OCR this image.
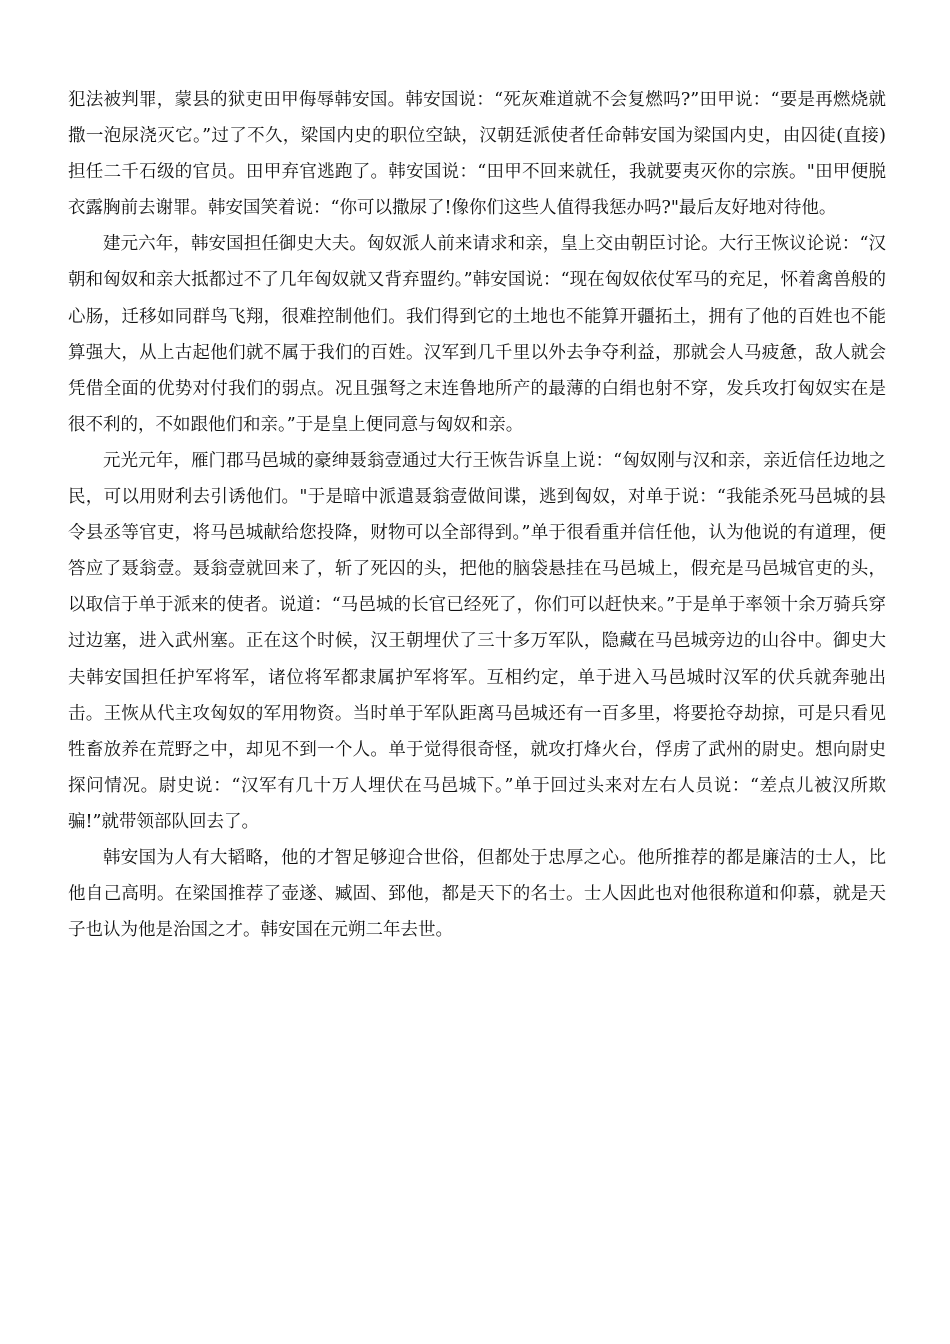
犯法被判罪，蒙县的狱吏田甲侮辱韩安国。韩安国说：“死灰难道就不会复燃吗?”田甲说：“要是再燃烧就撒一泡尿浇灭它。”过了不久，梁国内史的职位空缺，汉朝廷派使者任命韩安国为梁国内史，由囚徒(直接)担任二千石级的官员。田甲弃官逃跑了。韩安国说：“田甲不回来就任，我就要夷灭你的宗族。"田甲便脱衣露胸前去谢罪。韩安国笑着说：“你可以撒尿了!像你们这些人值得我惩办吗?"最后友好地对待他。

建元六年，韩安国担任御史大夫。匈奴派人前来请求和亲，皇上交由朝臣讨论。大行王恢议论说：“汉朝和匈奴和亲大抵都过不了几年匈奴就又背弃盟约。”韩安国说：“现在匈奴依仗军马的充足，怀着禽兽般的心肠，迁移如同群鸟飞翔，很难控制他们。我们得到它的土地也不能算开疆拓土，拥有了他的百姓也不能算强大，从上古起他们就不属于我们的百姓。汉军到几千里以外去争夺利益，那就会人马疲惫，敌人就会凭借全面的优势对付我们的弱点。况且强弩之末连鲁地所产的最薄的白绢也射不穿，发兵攻打匈奴实在是很不利的，不如跟他们和亲。”于是皇上便同意与匈奴和亲。

元光元年，雁门郡马邑城的豪绅聂翁壹通过大行王恢告诉皇上说：“匈奴刚与汉和亲，亲近信任边地之民，可以用财利去引诱他们。"于是暗中派遣聂翁壹做间谍，逃到匈奴，对单于说：“我能杀死马邑城的县令县丞等官吏，将马邑城献给您投降，财物可以全部得到。”单于很看重并信任他，认为他说的有道理，便答应了聂翁壹。聂翁壹就回来了，斩了死囚的头，把他的脑袋悬挂在马邑城上，假充是马邑城官吏的头，以取信于单于派来的使者。说道：“马邑城的长官已经死了，你们可以赶快来。”于是单于率领十余万骑兵穿过边塞，进入武州塞。正在这个时候，汉王朝埋伏了三十多万军队，隐藏在马邑城旁边的山谷中。御史大夫韩安国担任护军将军，诸位将军都隶属护军将军。互相约定，单于进入马邑城时汉军的伏兵就奔驰出击。王恢从代主攻匈奴的军用物资。当时单于军队距离马邑城还有一百多里，将要抢夺劫掠，可是只看见牲畜放养在荒野之中，却见不到一个人。单于觉得很奇怪，就攻打烽火台，俘虏了武州的尉史。想向尉史探问情况。尉史说：“汉军有几十万人埋伏在马邑城下。”单于回过头来对左右人员说：“差点儿被汉所欺骗!”就带领部队回去了。

韩安国为人有大韬略，他的才智足够迎合世俗，但都处于忠厚之心。他所推荐的都是廉洁的士人，比他自己高明。在梁国推荐了壶遂、臧固、郅他，都是天下的名士。士人因此也对他很称道和仰慕，就是天子也认为他是治国之才。韩安国在元朔二年去世。
